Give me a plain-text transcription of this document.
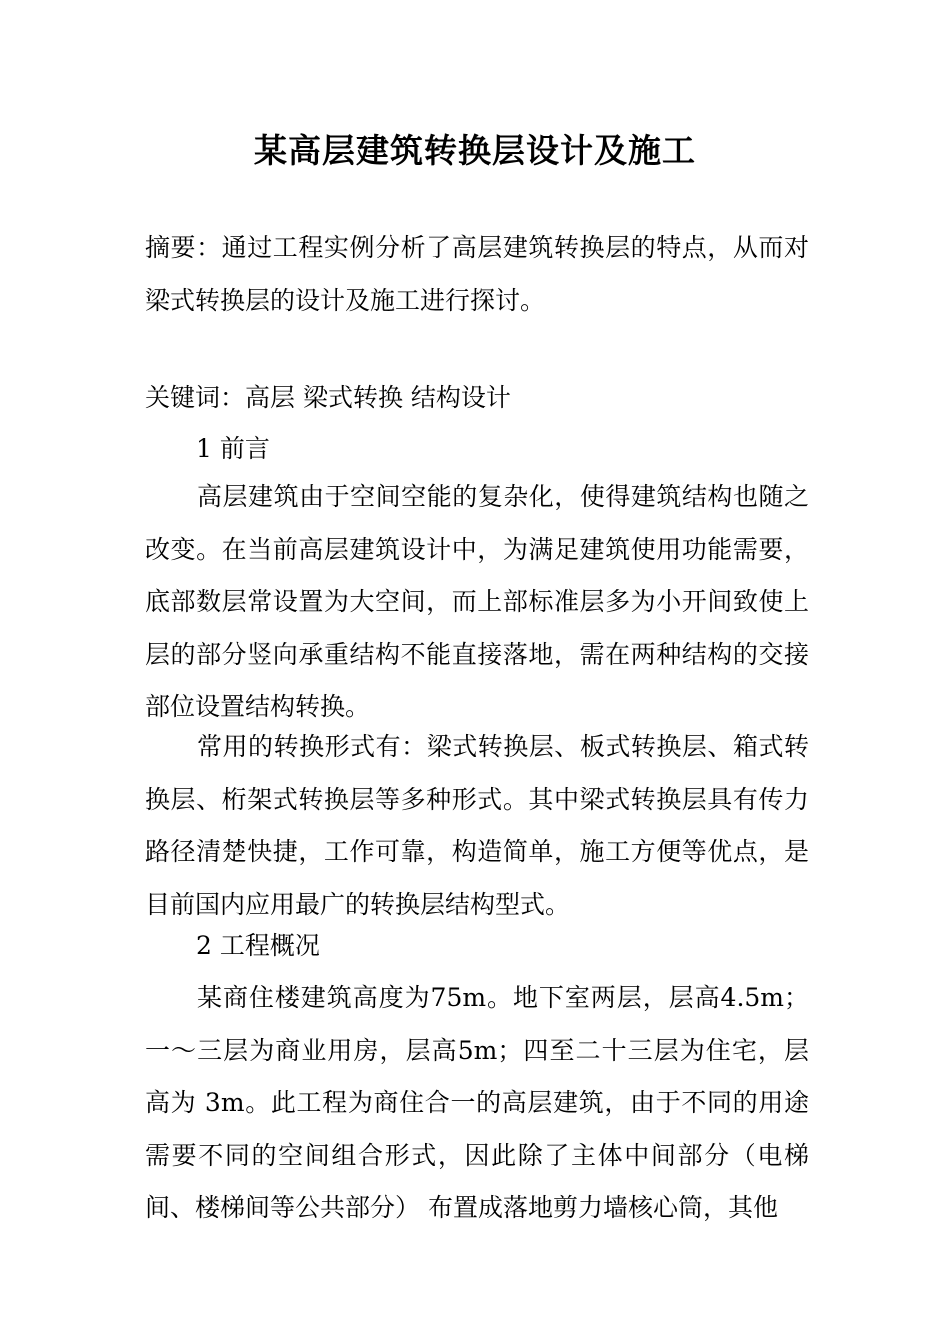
某高层建筑转换层设计及施工

摘要：通过工程实例分析了高层建筑转换层的特点，从而对梁式转换层的设计及施工进行探讨。

关键词：高层 梁式转换 结构设计

1 前言

高层建筑由于空间空能的复杂化，使得建筑结构也随之改变。在当前高层建筑设计中，为满足建筑使用功能需要，底部数层常设置为大空间，而上部标准层多为小开间致使上层的部分竖向承重结构不能直接落地，需在两种结构的交接部位设置结构转换。

常用的转换形式有：梁式转换层、板式转换层、箱式转换层、桁架式转换层等多种形式。其中梁式转换层具有传力路径清楚快捷，工作可靠，构造简单，施工方便等优点，是目前国内应用最广的转换层结构型式。

2 工程概况

某商住楼建筑高度为75m。地下室两层，层高4.5m；一～三层为商业用房，层高5m；四至二十三层为住宅，层高为 3m。此工程为商住合一的高层建筑，由于不同的用途需要不同的空间组合形式，因此除了主体中间部分（电梯间、楼梯间等公共部分） 布置成落地剪力墙核心筒，其他
